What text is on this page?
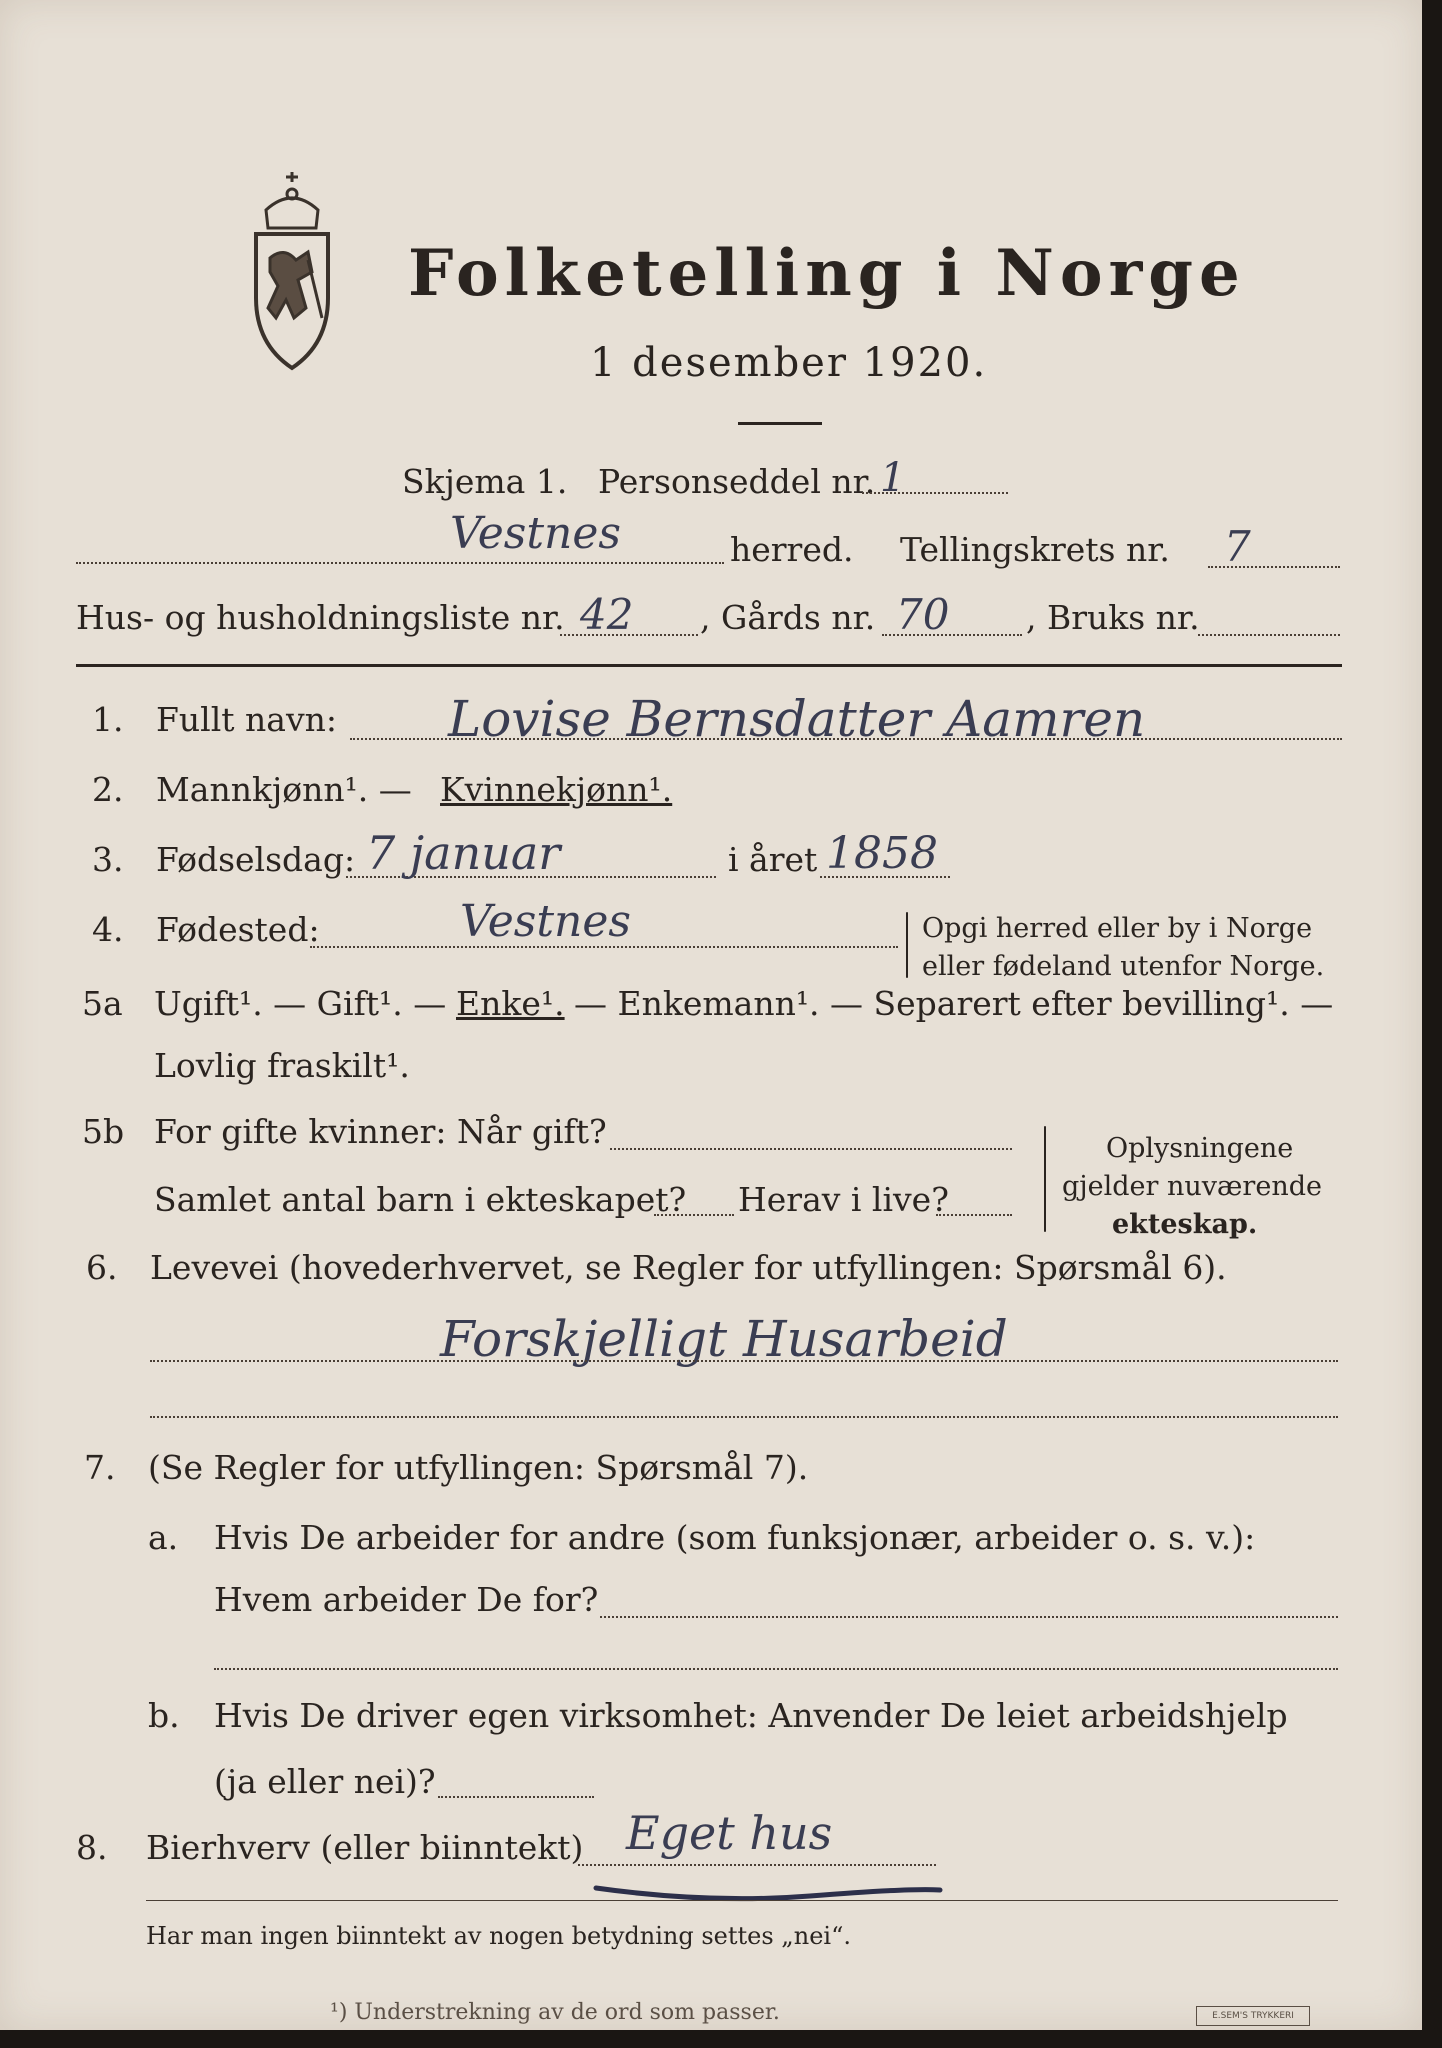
Folketelling i Norge
1 desember 1920.
Skjema 1. Personseddel nr. 1
Vestnes	herred. Tellingskrets nr. 7
Hus- og husholdningsliste nr. 42 , Gårds nr. 70 , Bruks nr.
1. Fullt navn: Lovise Bernsdatter Aamren
2. Mannkjønn¹. — Kvinnekjønn¹.
3. Fødselsdag: 7 januar	i året 1858
4. Fødested:	Vestnes	Opgi herred eller by i Norge
eller fødeland utenfor Norge.
5a Ugift¹. — Gift¹. — Enke¹. — Enkemann¹. — Separert efter bevilling¹. —
Lovlig fraskilt¹.
5b For gifte kvinner: Når gift?
Samlet antal barn i ekteskapet? Herav i live?
Oplysningene
gjelder nuværende
ekteskap.
6. Levevei (hovederhvervet, se Regler for utfyllingen: Spørsmål 6).
Forskjelligt Husarbeid
7. (Se Regler for utfyllingen: Spørsmål 7).
a. Hvis De arbeider for andre (som funksjonær, arbeider o. s. v.):
Hvem arbeider De for?
b. Hvis De driver egen virksomhet: Anvender De leiet arbeidshjelp
(ja eller nei)?
8. Bierhverv (eller biinntekt) Eget hus
Har man ingen biinntekt av nogen betydning settes „nei“.
¹) Understrekning av de ord som passer.	E.SEM'S TRYKKERI
